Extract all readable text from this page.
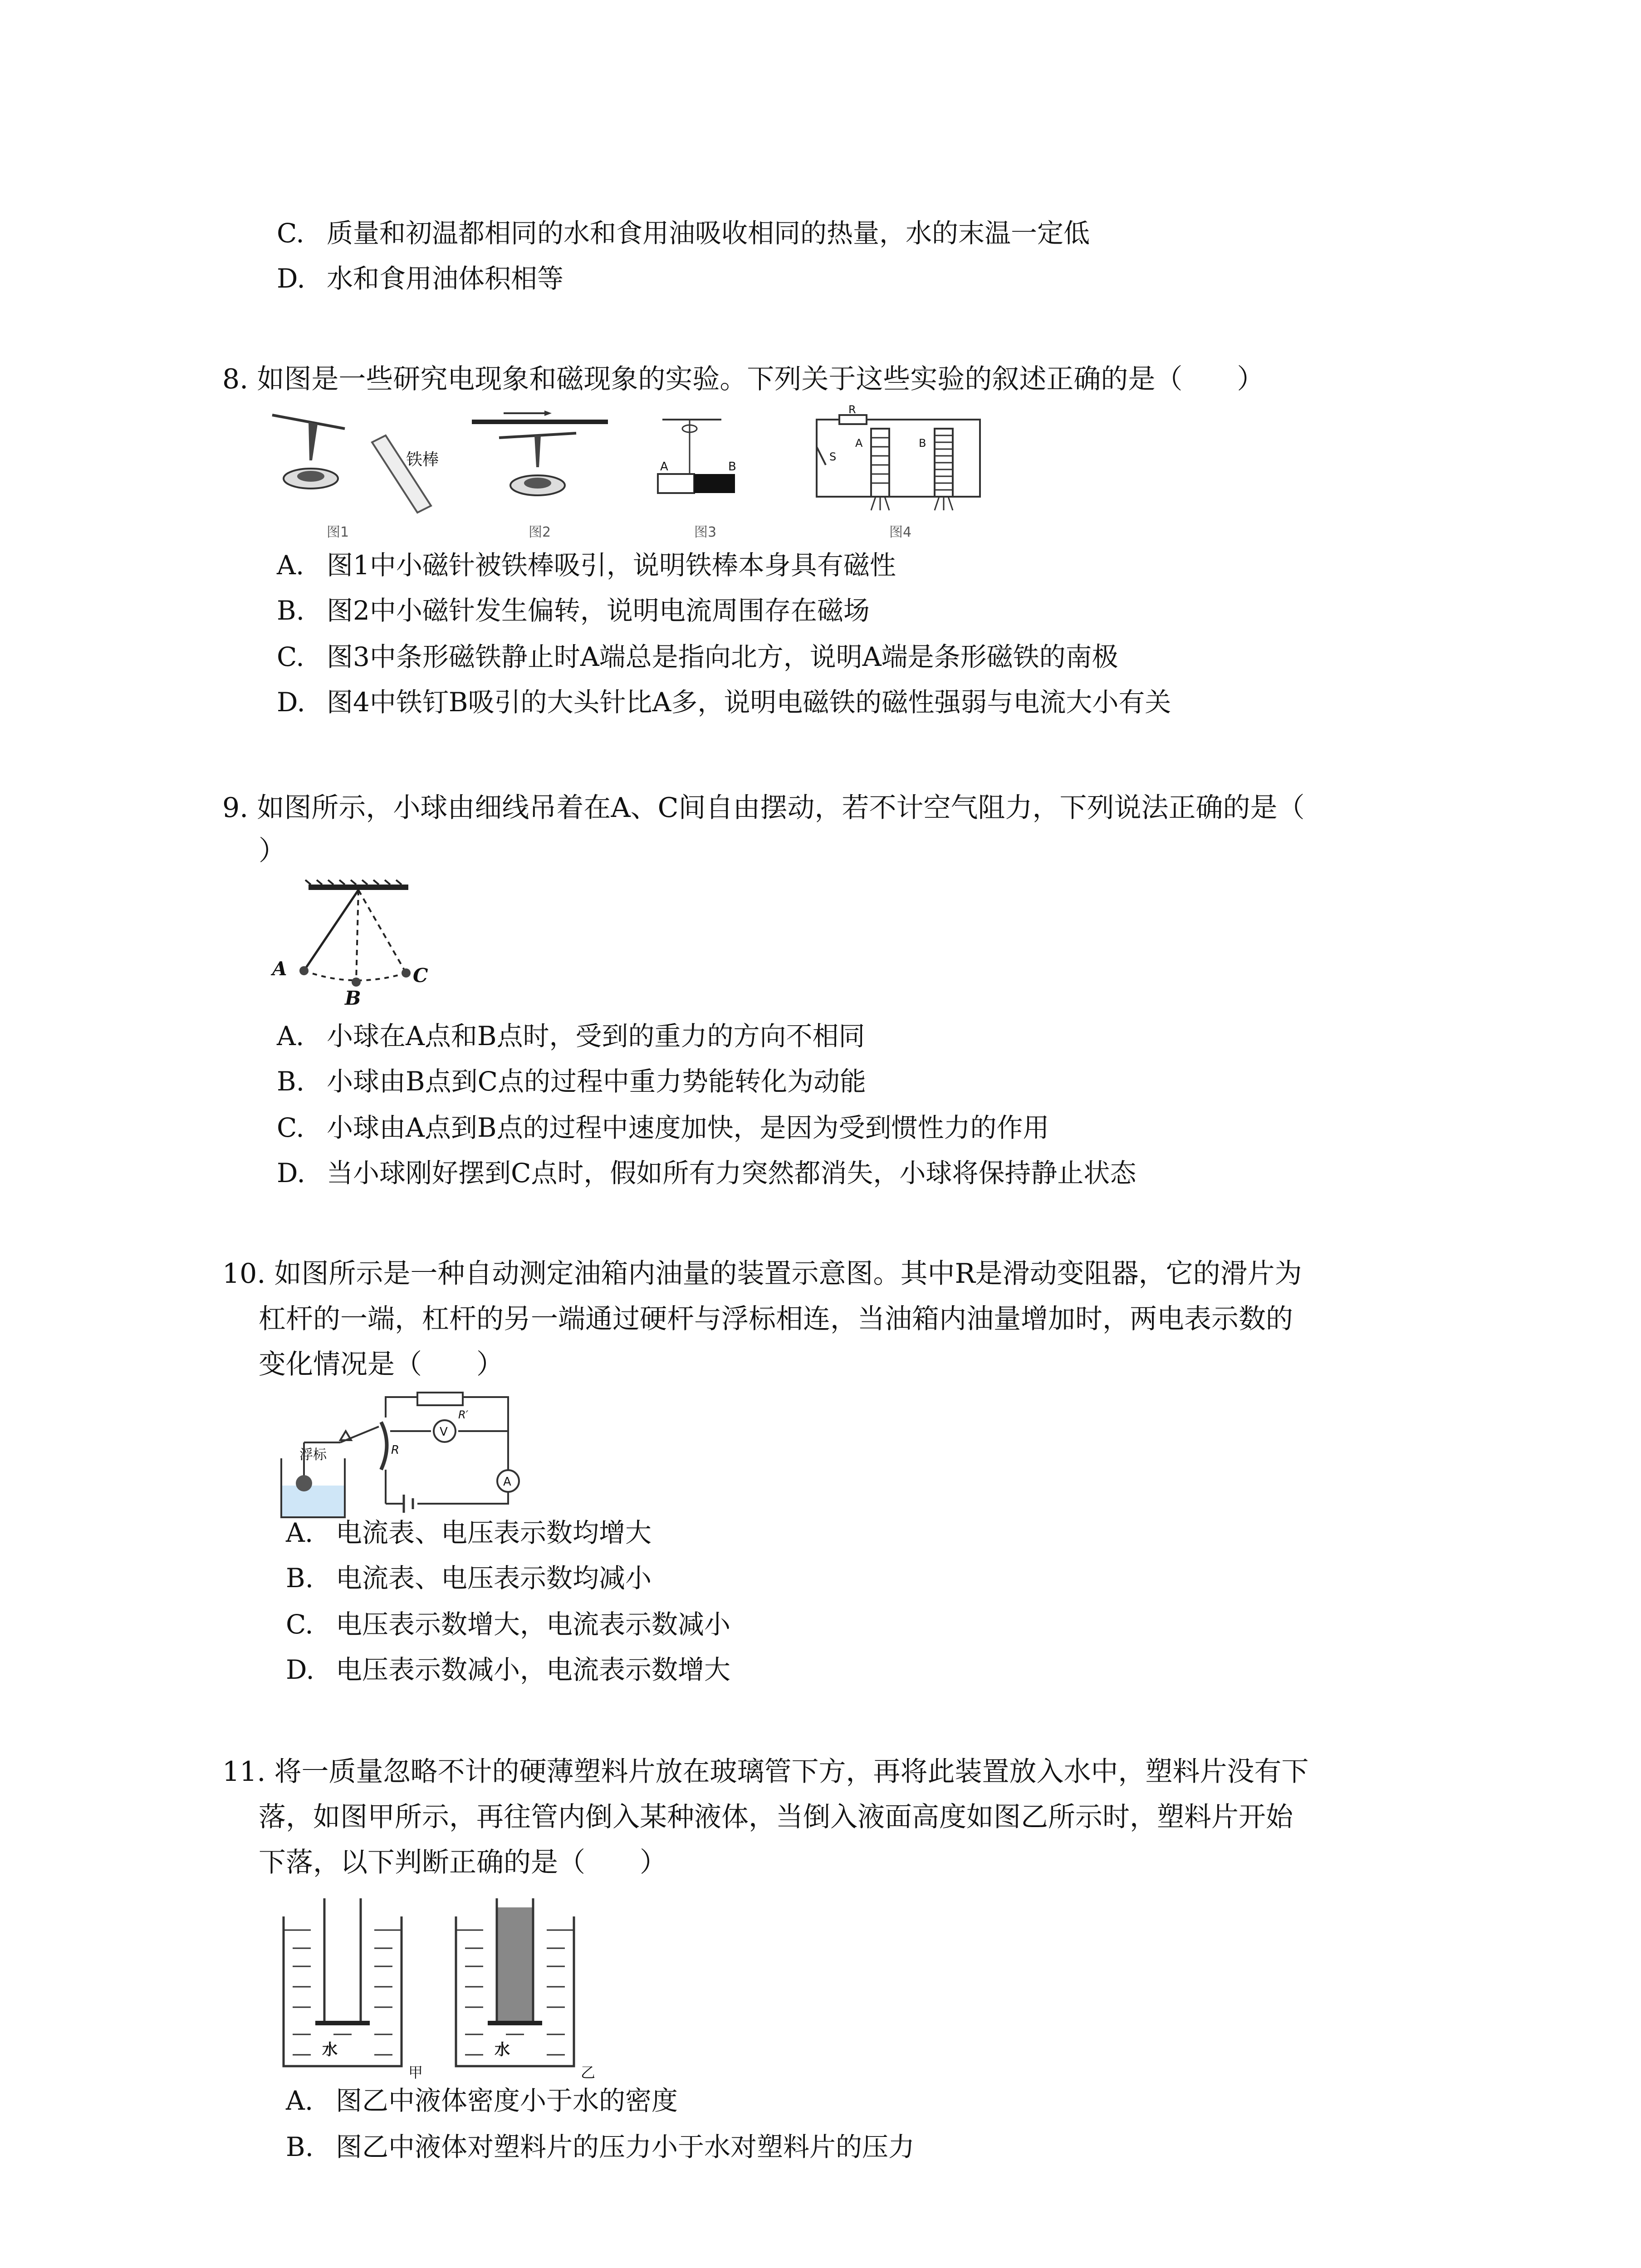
C. 质量和初温都相同的水和食用油吸收相同的热量，水的末温一定低
D. 水和食用油体积相等
8. 如图是一些研究电现象和磁现象的实验。下列关于这些实验的叙述正确的是（　　）
铁棒	A	B
R
S
A	B
图1	图2	图3	图4
A. 图1中小磁针被铁棒吸引，说明铁棒本身具有磁性
B. 图2中小磁针发生偏转，说明电流周围存在磁场
C. 图3中条形磁铁静止时A端总是指向北方，说明A端是条形磁铁的南极
D. 图4中铁钉B吸引的大头针比A多，说明电磁铁的磁性强弱与电流大小有关
9. 如图所示，小球由细线吊着在A、C间自由摆动，若不计空气阻力，下列说法正确的是（
）
A
B
C
A. 小球在A点和B点时，受到的重力的方向不相同
B. 小球由B点到C点的过程中重力势能转化为动能
C. 小球由A点到B点的过程中速度加快，是因为受到惯性力的作用
D. 当小球刚好摆到C点时，假如所有力突然都消失，小球将保持静止状态
10. 如图所示是一种自动测定油箱内油量的装置示意图。其中R是滑动变阻器，它的滑片为
杠杆的一端，杠杆的另一端通过硬杆与浮标相连，当油箱内油量增加时，两电表示数的
变化情况是（　　）
浮标	R
R′
V
A
A. 电流表、电压表示数均增大
B. 电流表、电压表示数均减小
C. 电压表示数增大，电流表示数减小
D. 电压表示数减小，电流表示数增大
11. 将一质量忽略不计的硬薄塑料片放在玻璃管下方，再将此装置放入水中，塑料片没有下
落，如图甲所示，再往管内倒入某种液体，当倒入液面高度如图乙所示时，塑料片开始
下落，以下判断正确的是（　　）
水
甲
水
乙
A. 图乙中液体密度小于水的密度
B. 图乙中液体对塑料片的压力小于水对塑料片的压力
